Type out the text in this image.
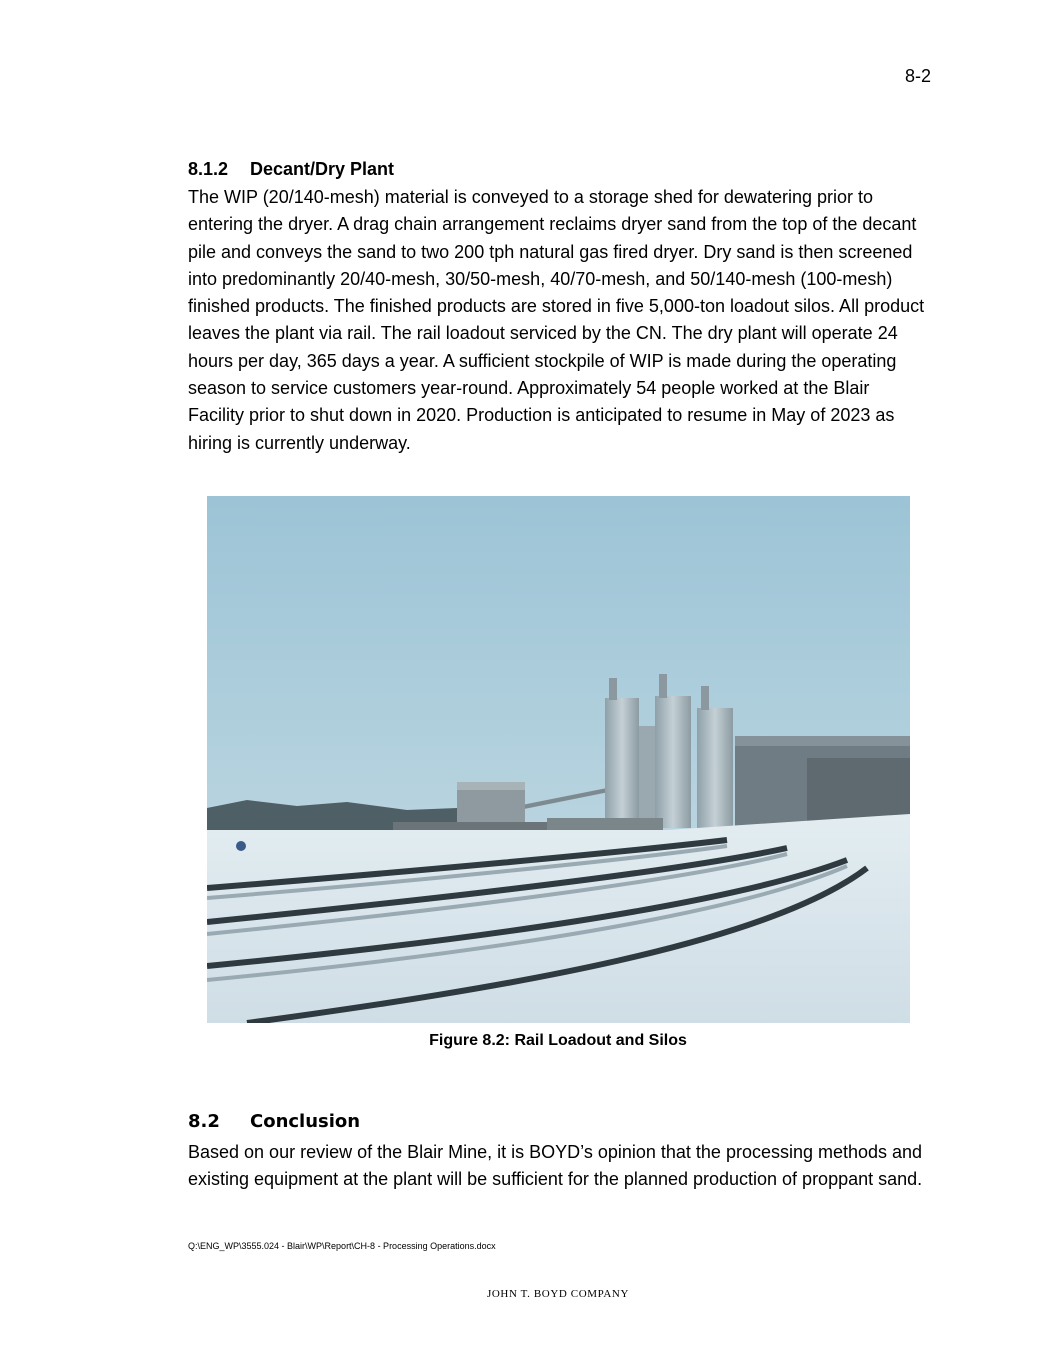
8-2
8.1.2 Decant/Dry Plant

The WIP (20/140-mesh) material is conveyed to a storage shed for dewatering prior to entering the dryer. A drag chain arrangement reclaims dryer sand from the top of the decant pile and conveys the sand to two 200 tph natural gas fired dryer. Dry sand is then screened into predominantly 20/40-mesh, 30/50-mesh, 40/70-mesh, and 50/140-mesh (100-mesh) finished products. The finished products are stored in five 5,000-ton loadout silos. All product leaves the plant via rail. The rail loadout serviced by the CN. The dry plant will operate 24 hours per day, 365 days a year. A sufficient stockpile of WIP is made during the operating season to service customers year-round. Approximately 54 people worked at the Blair Facility prior to shut down in 2020. Production is anticipated to resume in May of 2023 as hiring is currently underway.

Figure 8.2: Rail Loadout and Silos
8.2 Conclusion

Based on our review of the Blair Mine, it is BOYD’s opinion that the processing methods and existing equipment at the plant will be sufficient for the planned production of proppant sand.

Q:\ENG_WP\3555.024 - Blair\WP\Report\CH-8 - Processing Operations.docx
JOHN T. BOYD COMPANY
